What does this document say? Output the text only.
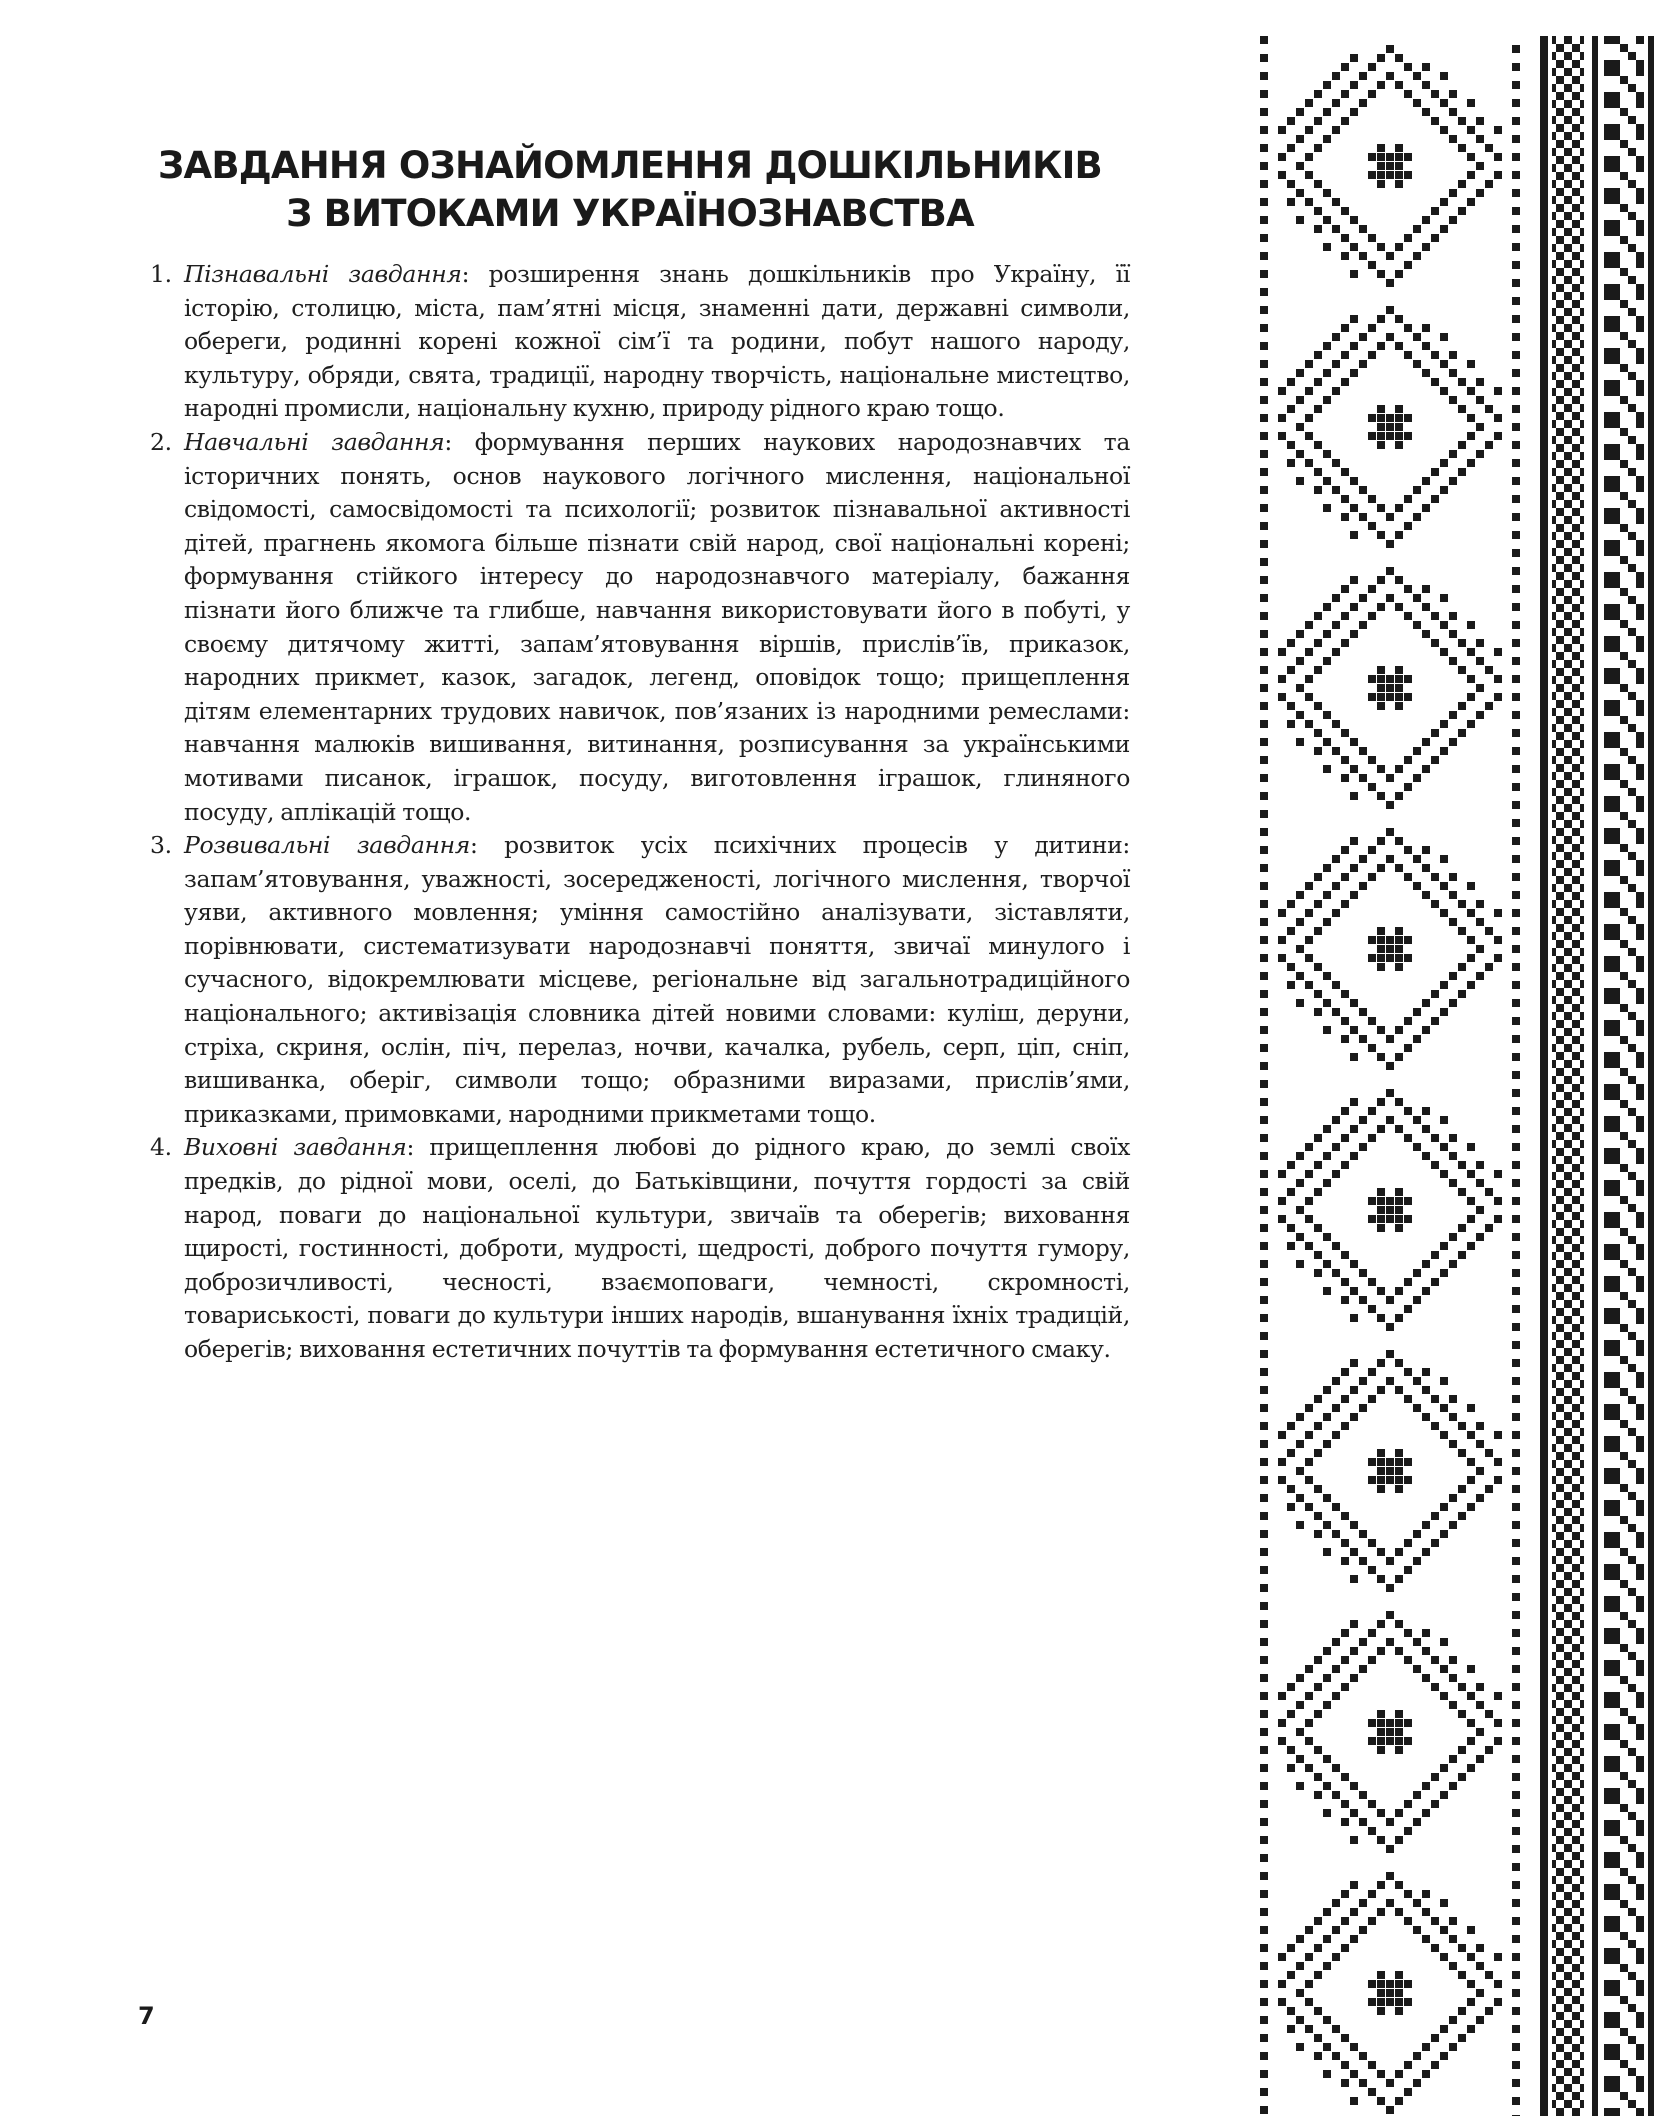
ЗАВДАННЯ ОЗНАЙОМЛЕННЯ ДОШКІЛЬНИКІВ
З ВИТОКАМИ УКРАЇНОЗНАВСТВА
1. Пізнавальні завдання: розширення знань дошкільників про Україну, її історію, столицю, міста, пам’ятні місця, знаменні дати, державні символи, обереги, родинні корені кожної сім’ї та родини, побут нашого народу, культуру, обряди, свята, традиції, народну творчість, національне мистецтво, народні промисли, національну кухню, природу рідного краю тощо.
2. Навчальні завдання: формування перших наукових народознавчих та історичних понять, основ наукового логічного мислення, національної свідомості, самосвідомості та психології; розвиток пізнавальної активності дітей, прагнень якомога більше пізнати свій народ, свої національні корені; формування стійкого інтересу до народознавчого матеріалу, бажання пізнати його ближче та глибше, навчання використовувати його в побуті, у своєму дитячому житті, запам’ятовування віршів, прислів’їв, приказок, народних прикмет, казок, загадок, легенд, оповідок тощо; прищеплення дітям елементарних трудових навичок, пов’язаних із народними ремеслами: навчання малюків вишивання, витинання, розписування за українськими мотивами писанок, іграшок, посуду, виготовлення іграшок, глиняного посуду, аплікацій тощо.
3. Розвивальні завдання: розвиток усіх психічних процесів у дитини: запам’ятовування, уважності, зосередженості, логічного мислення, творчої уяви, активного мовлення; уміння самостійно аналізувати, зіставляти, порівнювати, систематизувати народознавчі поняття, звичаї минулого і сучасного, відокремлювати місцеве, регіональне від загальнотрадиційного національного; активізація словника дітей новими словами: куліш, деруни, стріха, скриня, ослін, піч, перелаз, ночви, качалка, рубель, серп, ціп, сніп, вишиванка, оберіг, символи тощо; образними виразами, прислів’ями, приказками, примовками, народними прикметами тощо.
4. Виховні завдання: прищеплення любові до рідного краю, до землі своїх предків, до рідної мови, оселі, до Батьківщини, почуття гордості за свій народ, поваги до національної культури, звичаїв та оберегів; виховання щирості, гостинності, доброти, мудрості, щедрості, доброго почуття гумору, доброзичливості, чесності, взаємоповаги, чемності, скромності, товариськості, поваги до культури інших народів, вшанування їхніх традицій, оберегів; виховання естетичних почуттів та формування естетичного смаку.
7
